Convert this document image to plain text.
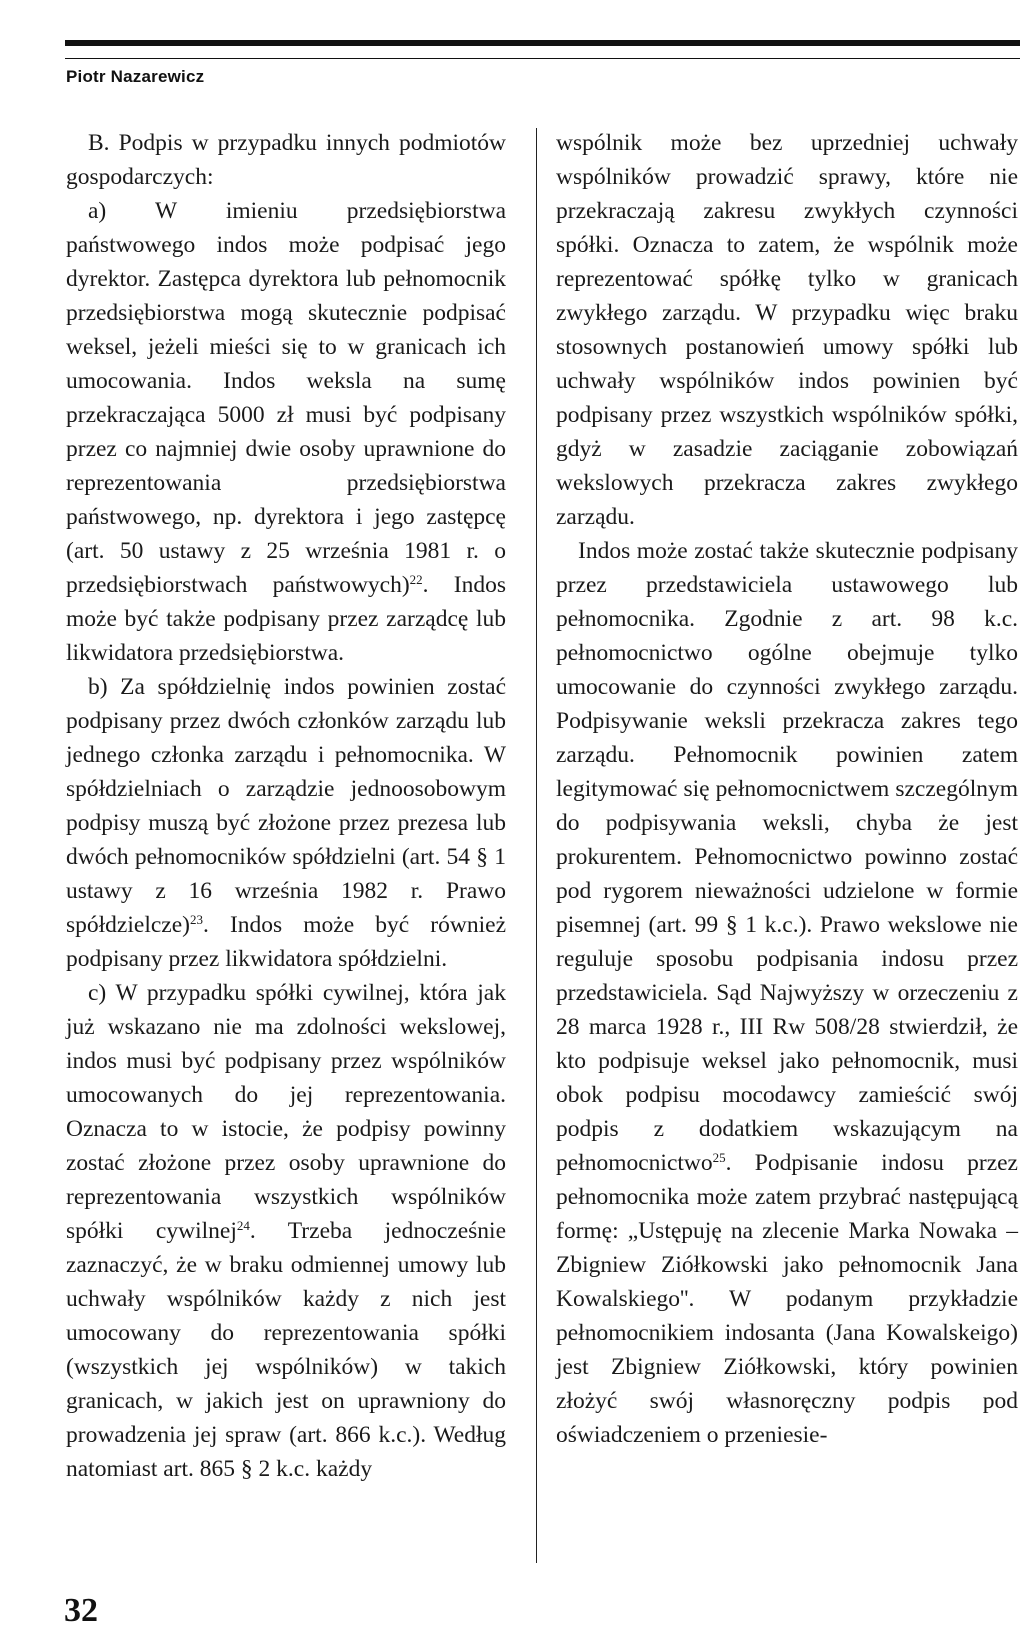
Piotr Nazarewicz

B. Podpis w przypadku innych podmiotów gospodarczych:

a) W imieniu przedsiębiorstwa państwowego indos może podpisać jego dyrektor. Zastępca dyrektora lub pełnomocnik przedsiębiorstwa mogą skutecznie podpisać weksel, jeżeli mieści się to w granicach ich umocowania. Indos weksla na sumę przekraczająca 5000 zł musi być podpisany przez co najmniej dwie osoby uprawnione do reprezentowania przedsiębiorstwa państwowego, np. dyrektora i jego zastępcę (art. 50 ustawy z 25 września 1981 r. o przedsiębiorstwach państwowych)$^{22}$. Indos może być także podpisany przez zarządcę lub likwidatora przedsiębiorstwa.

b) Za spółdzielnię indos powinien zostać podpisany przez dwóch członków zarządu lub jednego członka zarządu i pełnomocnika. W spółdzielniach o zarządzie jednoosobowym podpisy muszą być złożone przez prezesa lub dwóch pełnomocników spółdzielni (art. 54 § 1 ustawy z 16 września 1982 r. Prawo spółdzielcze)$^{23}$. Indos może być również podpisany przez likwidatora spółdzielni.

c) W przypadku spółki cywilnej, która jak już wskazano nie ma zdolności wekslowej, indos musi być podpisany przez wspólników umocowanych do jej reprezentowania. Oznacza to w istocie, że podpisy powinny zostać złożone przez osoby uprawnione do reprezentowania wszystkich wspólników spółki cywilnej$^{24}$. Trzeba jednocześnie zaznaczyć, że w braku odmiennej umowy lub uchwały wspólników każdy z nich jest umocowany do reprezentowania spółki (wszystkich jej wspólników) w takich granicach, w jakich jest on uprawniony do prowadzenia jej spraw (art. 866 k.c.). Według natomiast art. 865 § 2 k.c. każdy

wspólnik może bez uprzedniej uchwały wspólników prowadzić sprawy, które nie przekraczają zakresu zwykłych czynności spółki. Oznacza to zatem, że wspólnik może reprezentować spółkę tylko w granicach zwykłego zarządu. W przypadku więc braku stosownych postanowień umowy spółki lub uchwały wspólników indos powinien być podpisany przez wszystkich wspólników spółki, gdyż w zasadzie zaciąganie zobowiązań wekslowych przekracza zakres zwykłego zarządu.

Indos może zostać także skutecznie podpisany przez przedstawiciela ustawowego lub pełnomocnika. Zgodnie z art. 98 k.c. pełnomocnictwo ogólne obejmuje tylko umocowanie do czynności zwykłego zarządu. Podpisywanie weksli przekracza zakres tego zarządu. Pełnomocnik powinien zatem legitymować się pełnomocnictwem szczególnym do podpisywania weksli, chyba że jest prokurentem. Pełnomocnictwo powinno zostać pod rygorem nieważności udzielone w formie pisemnej (art. 99 § 1 k.c.). Prawo wekslowe nie reguluje sposobu podpisania indosu przez przedstawiciela. Sąd Najwyższy w orzeczeniu z 28 marca 1928 r., III Rw 508/28 stwierdził, że kto podpisuje weksel jako pełnomocnik, musi obok podpisu mocodawcy zamieścić swój podpis z dodatkiem wskazującym na pełnomocnictwo$^{25}$. Podpisanie indosu przez pełnomocnika może zatem przybrać następującą formę: „Ustępuję na zlecenie Marka Nowaka – Zbigniew Ziółkowski jako pełnomocnik Jana Kowalskiego''. W podanym przykładzie pełnomocnikiem indosanta (Jana Kowalskeigo) jest Zbigniew Ziółkowski, który powinien złożyć swój własnoręczny podpis pod oświadczeniem o przeniesie-

32
